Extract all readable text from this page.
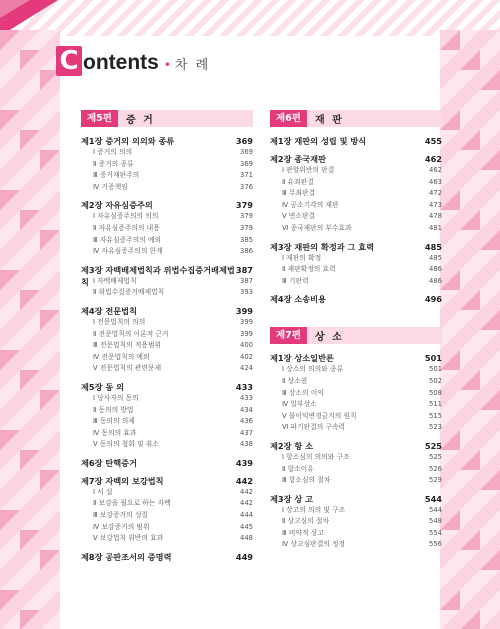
C ontents • 차 례
제5편	증 거
제1장 증거의 의의와 종류	369
Ⅰ 증거의 의의	369
Ⅱ 증거의 종류	369
Ⅲ 증거재판주의	371
Ⅳ 거증책임	376
제2장 자유심증주의	379
Ⅰ 자유심증주의의 의의	379
Ⅱ 자유심증주의의 내용	379
Ⅲ 자유심증주의의 예외	385
Ⅳ 자유심증주의의 한계	386
제3장 자백배제법칙과 위법수집증거배제법칙
387
Ⅰ 자백배제법칙	387
Ⅱ 위법수집증거배제법칙	393
제4장 전문법칙	399
Ⅰ 전문법칙의 의의	399
Ⅱ 전문법칙의 이론적 근거	399
Ⅲ 전문법칙의 적용범위	400
Ⅳ 전문법칙의 예외	402
Ⅴ 전문법칙의 관련문제	424
제5장 동 의	433
Ⅰ 당사자의 동의	433
Ⅱ 동의의 방법	434
Ⅲ 동의의 의제	436
Ⅳ 동의의 효과	437
Ⅴ 동의의 철회 및 취소	438
제6장 탄핵증거	439
제7장 자백의 보강법칙	442
Ⅰ 서 설	442
Ⅱ 보강을 필요로 하는 자백	442
Ⅲ 보강증거의 성질	444
Ⅳ 보강증거의 범위	445
Ⅴ 보강법칙 위반의 효과	448
제8장 공판조서의 증명력	449
제6편	재 판
제1장 재판의 성립 및 방식	455
제2장 종국재판	462
Ⅰ 관할위반의 판결	462
Ⅱ 유죄판결	463
Ⅲ 무죄판결	472
Ⅳ 공소기각의 재판	473
Ⅴ 면소판결	478
Ⅵ 종국재판의 부수효과	481
제3장 재판의 확정과 그 효력	485
Ⅰ 재판의 확정	485
Ⅱ 재판확정의 효력	486
Ⅲ 기판력	486
제4장 소송비용	496
제7편	상 소
제1장 상소일반론	501
Ⅰ 상소의 의의와 종류	501
Ⅱ 상소권	502
Ⅲ 상소의 이익	508
Ⅳ 일부상소	511
Ⅴ 불이익변경금지의 원칙	515
Ⅵ 파기판결의 구속력	523
제2장 항 소	525
Ⅰ 항소심의 의의와 구조	525
Ⅱ 항소이유	526
Ⅲ 항소심의 절차	529
제3장 상 고	544
Ⅰ 상고의 의의 및 구조	544
Ⅱ 상고심의 절차	548
Ⅲ 비약적 상고	554
Ⅳ 상고심판결의 정정	556
